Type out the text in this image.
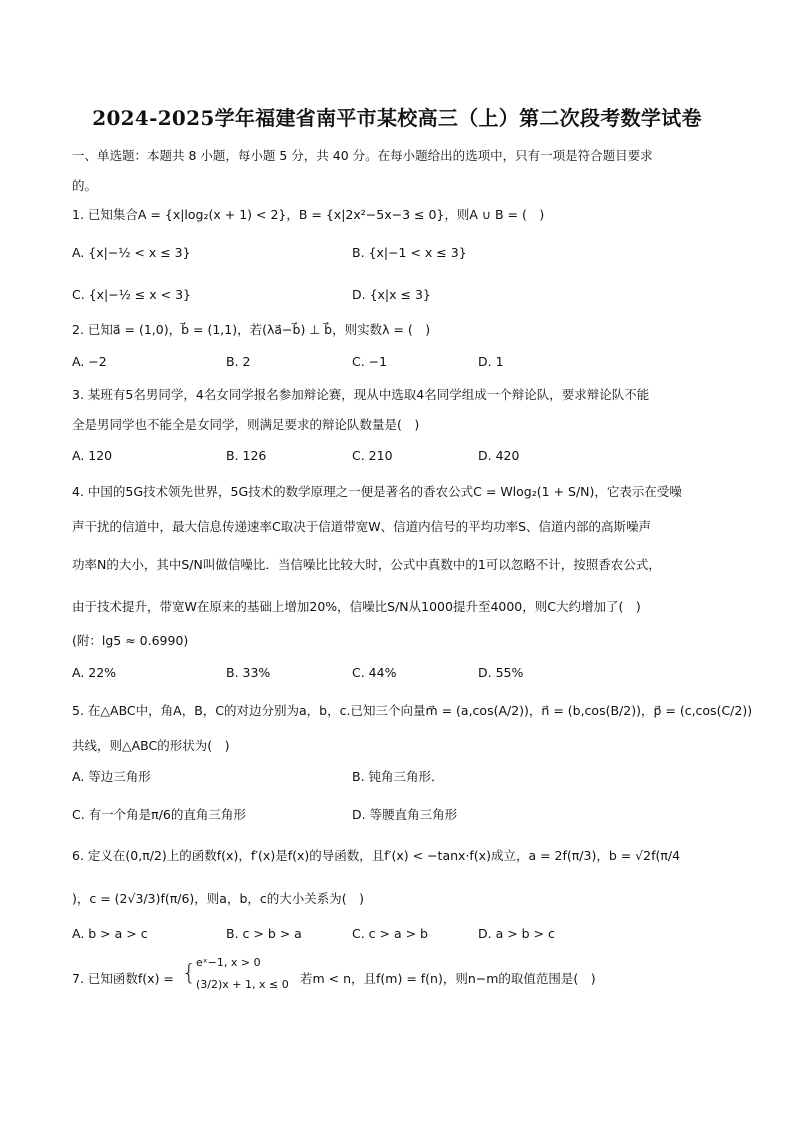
2024-2025学年福建省南平市某校高三（上）第二次段考数学试卷
一、单选题：本题共 8 小题，每小题 5 分，共 40 分。在每小题给出的选项中，只有一项是符合题目要求
的。
1. 已知集合A = {x|log₂(x + 1) < 2}，B = {x|2x²−5x−3 ≤ 0}，则A ∪ B = (　)
A. {x|−½ < x ≤ 3}	B. {x|−1 < x ≤ 3}
C. {x|−½ ≤ x < 3}	D. {x|x ≤ 3}
2. 已知a⃗ = (1,0)，b⃗ = (1,1)，若(λa⃗−b⃗) ⊥ b⃗，则实数λ = (　)
A. −2	B. 2	C. −1	D. 1
3. 某班有5名男同学，4名女同学报名参加辩论赛，现从中选取4名同学组成一个辩论队，要求辩论队不能
全是男同学也不能全是女同学，则满足要求的辩论队数量是(　)
A. 120	B. 126	C. 210	D. 420
4. 中国的5G技术领先世界，5G技术的数学原理之一便是著名的香农公式C = Wlog₂(1 + S/N)，它表示在受噪
声干扰的信道中，最大信息传递速率C取决于信道带宽W、信道内信号的平均功率S、信道内部的高斯噪声
功率N的大小，其中S/N叫做信噪比．当信噪比比较大时，公式中真数中的1可以忽略不计，按照香农公式，
由于技术提升，带宽W在原来的基础上增加20%，信噪比S/N从1000提升至4000，则C大约增加了(　)
(附：lg5 ≈ 0.6990)
A. 22%	B. 33%	C. 44%	D. 55%
5. 在△ABC中，角A，B，C的对边分别为a，b，c.已知三个向量m⃗ = (a,cos(A/2))，n⃗ = (b,cos(B/2))，p⃗ = (c,cos(C/2))
共线，则△ABC的形状为(　)
A. 等边三角形	B. 钝角三角形．
C. 有一个角是π/6的直角三角形	D. 等腰直角三角形
6. 定义在(0,π/2)上的函数f(x)，f′(x)是f(x)的导函数，且f′(x) < −tanx·f(x)成立，a = 2f(π/3)，b = √2f(π/4
)，c = (2√3/3)f(π/6)，则a，b，c的大小关系为(　)
A. b > a > c	B. c > b > a	C. c > a > b	D. a > b > c
7. 已知函数f(x) = { eˣ−1, x > 0
(3/2)x + 1, x ≤ 0 若m < n，且f(m) = f(n)，则n−m的取值范围是(　)
